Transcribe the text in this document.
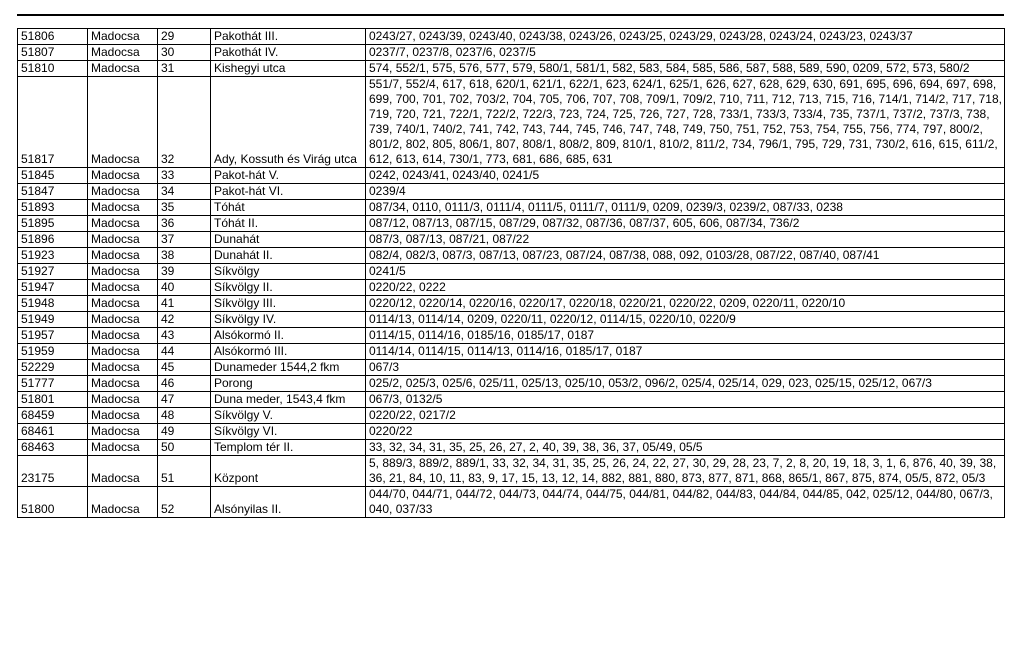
51806	Madocsa	29	Pakothát III.	0243/27, 0243/39, 0243/40, 0243/38, 0243/26, 0243/25, 0243/29, 0243/28, 0243/24, 0243/23, 0243/37
51807	Madocsa	30	Pakothát IV.	0237/7, 0237/8, 0237/6, 0237/5
51810	Madocsa	31	Kishegyi utca	574, 552/1, 575, 576, 577, 579, 580/1, 581/1, 582, 583, 584, 585, 586, 587, 588, 589, 590, 0209, 572, 573, 580/2
51817	Madocsa	32	Ady, Kossuth és Virág utca	551/7, 552/4, 617, 618, 620/1, 621/1, 622/1, 623, 624/1, 625/1, 626, 627, 628, 629, 630, 691, 695, 696, 694, 697, 698, 699, 700, 701, 702, 703/2, 704, 705, 706, 707, 708, 709/1, 709/2, 710, 711, 712, 713, 715, 716, 714/1, 714/2, 717, 718, 719, 720, 721, 722/1, 722/2, 722/3, 723, 724, 725, 726, 727, 728, 733/1, 733/3, 733/4, 735, 737/1, 737/2, 737/3, 738, 739, 740/1, 740/2, 741, 742, 743, 744, 745, 746, 747, 748, 749, 750, 751, 752, 753, 754, 755, 756, 774, 797, 800/2, 801/2, 802, 805, 806/1, 807, 808/1, 808/2, 809, 810/1, 810/2, 811/2, 734, 796/1, 795, 729, 731, 730/2, 616, 615, 611/2, 612, 613, 614, 730/1, 773, 681, 686, 685, 631
51845	Madocsa	33	Pakot-hát V.	0242, 0243/41, 0243/40, 0241/5
51847	Madocsa	34	Pakot-hát VI.	0239/4
51893	Madocsa	35	Tóhát	087/34, 0110, 0111/3, 0111/4, 0111/5, 0111/7, 0111/9, 0209, 0239/3, 0239/2, 087/33, 0238
51895	Madocsa	36	Tóhát II.	087/12, 087/13, 087/15, 087/29, 087/32, 087/36, 087/37, 605, 606, 087/34, 736/2
51896	Madocsa	37	Dunahát	087/3, 087/13, 087/21, 087/22
51923	Madocsa	38	Dunahát II.	082/4, 082/3, 087/3, 087/13, 087/23, 087/24, 087/38, 088, 092, 0103/28, 087/22, 087/40, 087/41
51927	Madocsa	39	Síkvölgy	0241/5
51947	Madocsa	40	Síkvölgy II.	0220/22, 0222
51948	Madocsa	41	Síkvölgy III.	0220/12, 0220/14, 0220/16, 0220/17, 0220/18, 0220/21, 0220/22, 0209, 0220/11, 0220/10
51949	Madocsa	42	Síkvölgy IV.	0114/13, 0114/14, 0209, 0220/11, 0220/12, 0114/15, 0220/10, 0220/9
51957	Madocsa	43	Alsókormó II.	0114/15, 0114/16, 0185/16, 0185/17, 0187
51959	Madocsa	44	Alsókormó III.	0114/14, 0114/15, 0114/13, 0114/16, 0185/17, 0187
52229	Madocsa	45	Dunameder 1544,2 fkm	067/3
51777	Madocsa	46	Porong	025/2, 025/3, 025/6, 025/11, 025/13, 025/10, 053/2, 096/2, 025/4, 025/14, 029, 023, 025/15, 025/12, 067/3
51801	Madocsa	47	Duna meder, 1543,4 fkm	067/3, 0132/5
68459	Madocsa	48	Síkvölgy V.	0220/22, 0217/2
68461	Madocsa	49	Síkvölgy VI.	0220/22
68463	Madocsa	50	Templom tér II.	33, 32, 34, 31, 35, 25, 26, 27, 2, 40, 39, 38, 36, 37, 05/49, 05/5
23175	Madocsa	51	Központ	5, 889/3, 889/2, 889/1, 33, 32, 34, 31, 35, 25, 26, 24, 22, 27, 30, 29, 28, 23, 7, 2, 8, 20, 19, 18, 3, 1, 6, 876, 40, 39, 38, 36, 21, 84, 10, 11, 83, 9, 17, 15, 13, 12, 14, 882, 881, 880, 873, 877, 871, 868, 865/1, 867, 875, 874, 05/5, 872, 05/3
51800	Madocsa	52	Alsónyilas II.	044/70, 044/71, 044/72, 044/73, 044/74, 044/75, 044/81, 044/82, 044/83, 044/84, 044/85, 042, 025/12, 044/80, 067/3, 040, 037/33
